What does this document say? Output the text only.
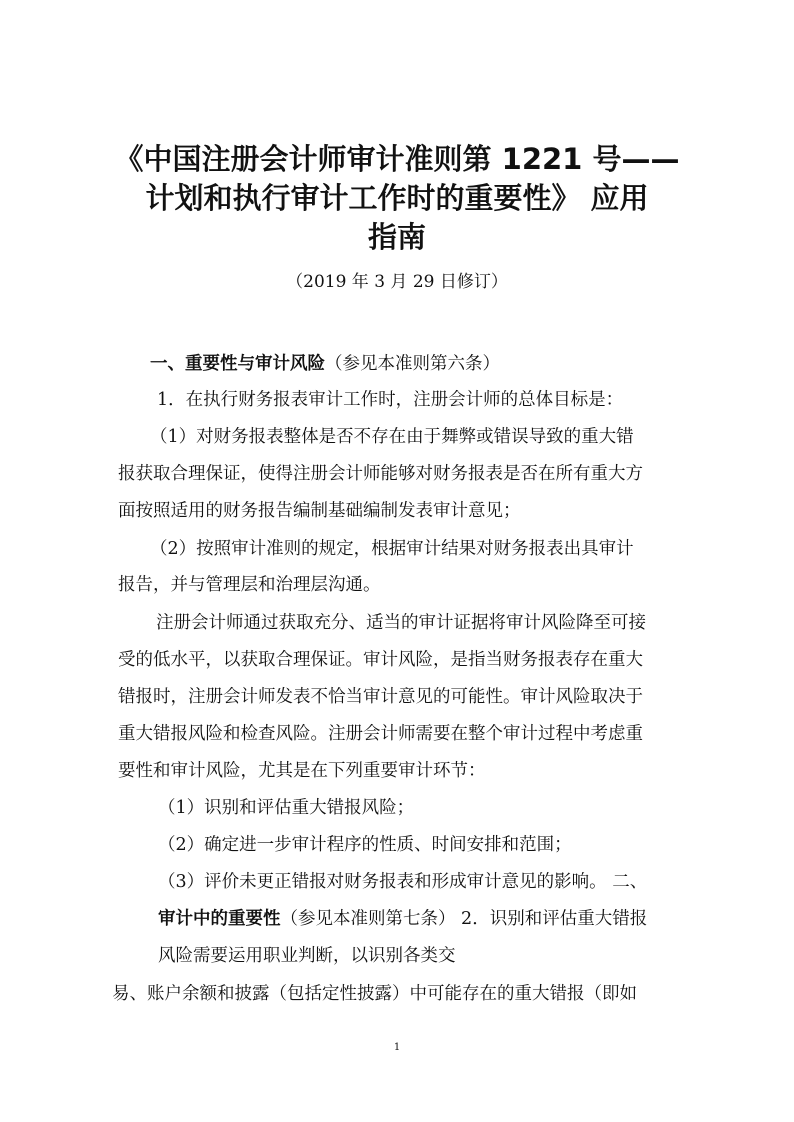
《中国注册会计师审计准则第 1221 号——
计划和执行审计工作时的重要性》 应用
指南
（2019 年 3 月 29 日修订）
一、重要性与审计风险（参见本准则第六条）
1．在执行财务报表审计工作时，注册会计师的总体目标是：
（1）对财务报表整体是否不存在由于舞弊或错误导致的重大错
报获取合理保证，使得注册会计师能够对财务报表是否在所有重大方
面按照适用的财务报告编制基础编制发表审计意见；
（2）按照审计准则的规定，根据审计结果对财务报表出具审计
报告，并与管理层和治理层沟通。
注册会计师通过获取充分、适当的审计证据将审计风险降至可接
受的低水平，以获取合理保证。审计风险，是指当财务报表存在重大
错报时，注册会计师发表不恰当审计意见的可能性。审计风险取决于
重大错报风险和检查风险。注册会计师需要在整个审计过程中考虑重
要性和审计风险，尤其是在下列重要审计环节：
（1）识别和评估重大错报风险；
（2）确定进一步审计程序的性质、时间安排和范围；
（3）评价未更正错报对财务报表和形成审计意见的影响。 二、
审计中的重要性（参见本准则第七条） 2．识别和评估重大错报
风险需要运用职业判断，以识别各类交
易、账户余额和披露（包括定性披露）中可能存在的重大错报（即如
1
